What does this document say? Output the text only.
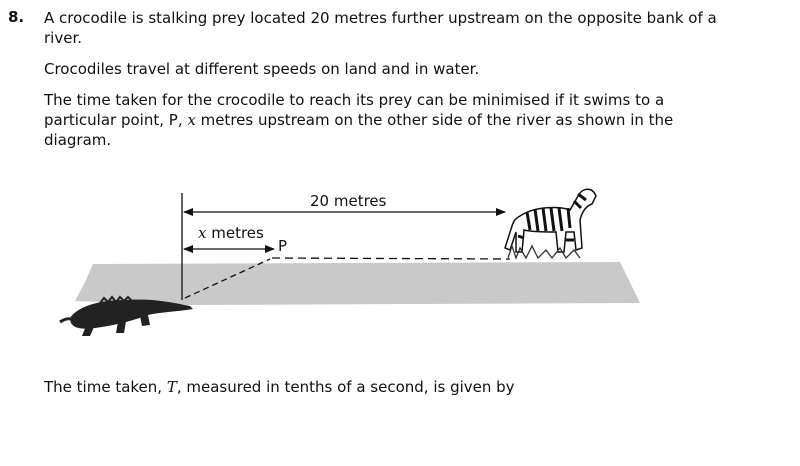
8. A crocodile is stalking prey located 20 metres further upstream on the opposite bank of a river.
Crocodiles travel at different speeds on land and in water.
The time taken for the crocodile to reach its prey can be minimised if it swims to a particular point, P, x metres upstream on the other side of the river as shown in the diagram.
20 metres
x metres
P
The time taken, T, measured in tenths of a second, is given by
